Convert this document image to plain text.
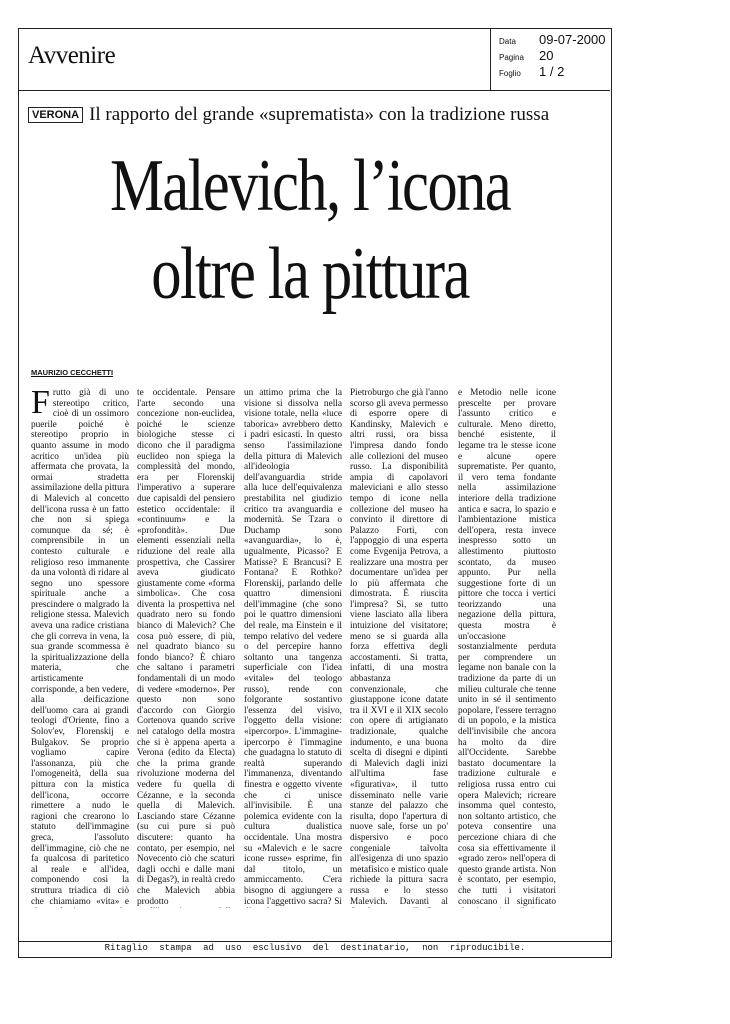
Avvenire
Data	09-07-2000
Pagina	20
Foglio	1 / 2
VERONA Il rapporto del grande «suprematista» con la tradizione russa
Malevich, l’icona
oltre la pittura
MAURIZIO CECCHETTI
F rutto già di uno stereotipo critico, cioè di un ossimoro puerile poiché è stereotipo proprio in quanto assume in modo acritico un'idea più affermata che provata, la ormai stradetta assimilazione della pittura di Malevich al concetto dell'icona russa è un fatto che non si spiega comunque da sé; è comprensibile in un contesto culturale e religioso reso immanente da una volontà di ridare al segno uno spessore spirituale anche a prescindere o malgrado la religione stessa. Malevich aveva una radice cristiana che gli correva in vena, la sua grande scommessa è la spiritualizzazione della materia, che artisticamente corrisponde, a ben vedere, alla deificazione dell'uomo cara ai grandi teologi d'Oriente, fino a Solov'ev, Florenskij e Bulgakov. Se proprio vogliamo capire l'assonanza, più che l'omogeneità, della sua pittura con la mistica dell'icona, occorre rimettere a nudo le ragioni che crearono lo statuto dell'immagine greca, l'assoluto dell'immagine, ciò che ne fa qualcosa di paritetico al reale e all'idea, componendo così la struttura triadica di ciò che chiamiamo «vita» e
te occidentale. Pensare l'arte secondo una concezione non-euclidea, poiché le scienze biologiche stesse ci dicono che il paradigma euclideo non spiega la complessità del mondo, era per Florenskij l'imperativo a superare due capisaldi del pensiero estetico occidentale: il «continuum» e la «profondità». Due elementi essenziali nella riduzione del reale alla prospettiva, che Cassirer aveva giudicato giustamente come «forma simbolica». Che cosa diventa la prospettiva nel quadrato nero su fondo bianco di Malevich? Che cosa può essere, di più, nel quadrato bianco su fondo bianco? È chiaro che saltano i parametri fondamentali di un modo di vedere «moderno». Per questo non sono d'accordo con Giorgio Cortenova quando scrive nel catalogo della mostra che si è appena aperta a Verona (edito da Electa) che la prima grande rivoluzione moderna del vedere fu quella di Cézanne, e la seconda quella di Malevich. Lasciando stare Cézanne (su cui pure si può discutere: quanto ha contato, per esempio, nel Novecento ciò che scaturì dagli occhi e dalle mani di Degas?), in realtà credo che Malevich abbia prodotto
un attimo prima che la visione si dissolva nella visione totale, nella «luce taborica» avrebbero detto i padri esicasti. In questo senso l'assimilazione della pittura di Malevich all'ideologia dell'avanguardia stride alla luce dell'equivalenza prestabilita nel giudizio critico tra avanguardia e modernità. Se Tzara o Duchamp sono «avanguardia», lo è, ugualmente, Picasso? E Matisse? E Brancusi? E Fontana? E Rothko? Florenskij, parlando delle quattro dimensioni dell'immagine (che sono poi le quattro dimensioni del reale, ma Einstein e il tempo relativo del vedere o del percepire hanno soltanto una tangenza superficiale con l'idea «vitale» del teologo russo), rende con folgorante sostantivo l'essenza del visivo, l'oggetto della visione: «ipercorpo». L'immagine-ipercorpo è l'immagine che guadagna lo statuto di realtà superando l'immanenza, diventando finestra e oggetto vivente che ci unisce all'invisibile. È una polemica evidente con la cultura dualistica occidentale. Una mostra su «Malevich e le sacre icone russe» esprime, fin dal titolo, un ammiccamento. C'era bisogno di aggiungere a icona l'aggettivo sacra? Sì
Pietroburgo che già l'anno scorso gli aveva permesso di esporre opere di Kandinsky, Malevich e altri russi, ora bissa l'impresa dando fondo alle collezioni del museo russo. La disponibilità ampia di capolavori maleviciani e allo stesso tempo di icone nella collezione del museo ha convinto il direttore di Palazzo Forti, con l'appoggio di una esperta come Evgenija Petrova, a realizzare una mostra per documentare un'idea per lo più affermata che dimostrata. È riuscita l'impresa? Sì, se tutto viene lasciato alla libera intuizione del visitatore; meno se si guarda alla forza effettiva degli accostamenti. Si tratta, infatti, di una mostra abbastanza convenzionale, che giustappone icone datate tra il XVI e il XIX secolo con opere di artigianato tradizionale, qualche indumento, e una buona scelta di disegni e dipinti di Malevich dagli inizi all'ultima fase «figurativa», il tutto disseminato nelle varie stanze del palazzo che risulta, dopo l'apertura di nuove sale, forse un po' dispersivo e poco congeniale talvolta all'esigenza di uno spazio metafisico e mistico quale richiede la pittura sacra russa e lo stesso Malevich. Davanti al
e Metodio nelle icone prescelte per provare l'assunto critico e culturale. Meno diretto, benché esistente, il legame tra le stesse icone e alcune opere suprematiste. Per quanto, il vero tema fondante nella assimilazione interiore della tradizione antica e sacra, lo spazio e l'ambientazione mistica dell'opera, resta invece inespresso sotto un allestimento piuttosto scontato, da museo appunto. Pur nella suggestione forte di un pittore che tocca i vertici teorizzando una negazione della pittura, questa mostra è un'occasione sostanzialmente perduta per comprendere un legame non banale con la tradizione da parte di un milieu culturale che tenne unito in sé il sentimento popolare, l'essere terragno di un popolo, e la mistica dell'invisibile che ancora ha molto da dire all'Occidente. Sarebbe bastato documentare la tradizione culturale e religiosa russa entro cui opera Malevich; ricreare insomma quel contesto, non soltanto artistico, che poteva consentire una percezione chiara di che cosa sia effettivamente il «grado zero» nell'opera di questo grande artista. Non è scontato, per esempio, che tutti i visitatori conoscano il significato
Ritaglio stampa ad uso esclusivo del destinatario, non riproducibile.
